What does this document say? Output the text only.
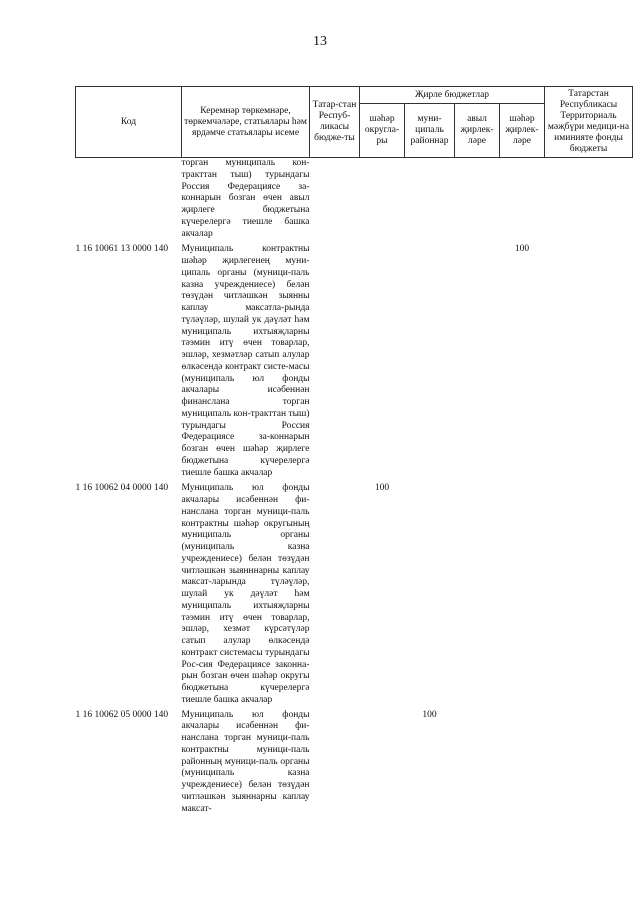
13
Код	Керемнәр төркемнәре, төркемчәләре, статьялары һәм ярдәмче статьялары исеме	Татар-стан Респуб-ликасы бюдже-ты	Җирле бюджетлар				Татарстан Республикасы Территориаль мәҗбүри медици-на иминияте фонды бюджеты
			шәһәр округла-ры	муни-ципаль районнар	авыл җирлек-ләре	шәһәр җирлек-ләре	
	торган муниципаль кон-тракттан тыш) турындагы Россия Федерациясе за-коннарын бозган өчен авыл җирлеге бюджетына күчерелергә тиешле башка акчалар						
1 16 10061 13 0000 140	Муниципаль контрактны шәһәр җирлегенең муни-ципаль органы (муници-паль казна учреждениесе) белән төзүдән читләшкән зыянны каплау максатла-рында түләүләр, шулай ук дәүләт һәм муниципаль ихтыяҗларны тәэмин итү өчен товарлар, эшләр, хезмәтләр сатып алулар өлкәсендә контракт систе-масы (муниципаль юл фонды акчалары исәбеннән финанслана торган муниципаль кон-тракттан тыш) турындагы Россия Федерациясе за-коннарын бозган өчен шәһәр җирлеге бюджетына күчерелергә тиешле башка акчалар					100	
1 16 10062 04 0000 140	Муниципаль юл фонды акчалары исәбеннән фи-нанслана торган муници-паль контрактны шәһәр округының муниципаль органы (муниципаль казна учреждениесе) белән төзүдән читләшкән зыянннарны каплау максат-ларында түләүләр, шулай ук дәүләт һәм муниципаль ихтыяҗларны тәэмин итү өчен товарлар, эшләр, хезмәт күрсәтүләр сатып алулар өлкәсендә контракт системасы турындагы Рос-сия Федерациясе законна-рын бозган өчен шәһәр округы бюджетына күчерелергә тиешле башка акчалар		100				
1 16 10062 05 0000 140	Муниципаль юл фонды акчалары исәбеннән фи-нанслана торган муници-паль контрактны муници-паль районның муници-паль органы (муниципаль казна учреждениесе) белән төзүдән читләшкән зыяннарны каплау максат-			100			
